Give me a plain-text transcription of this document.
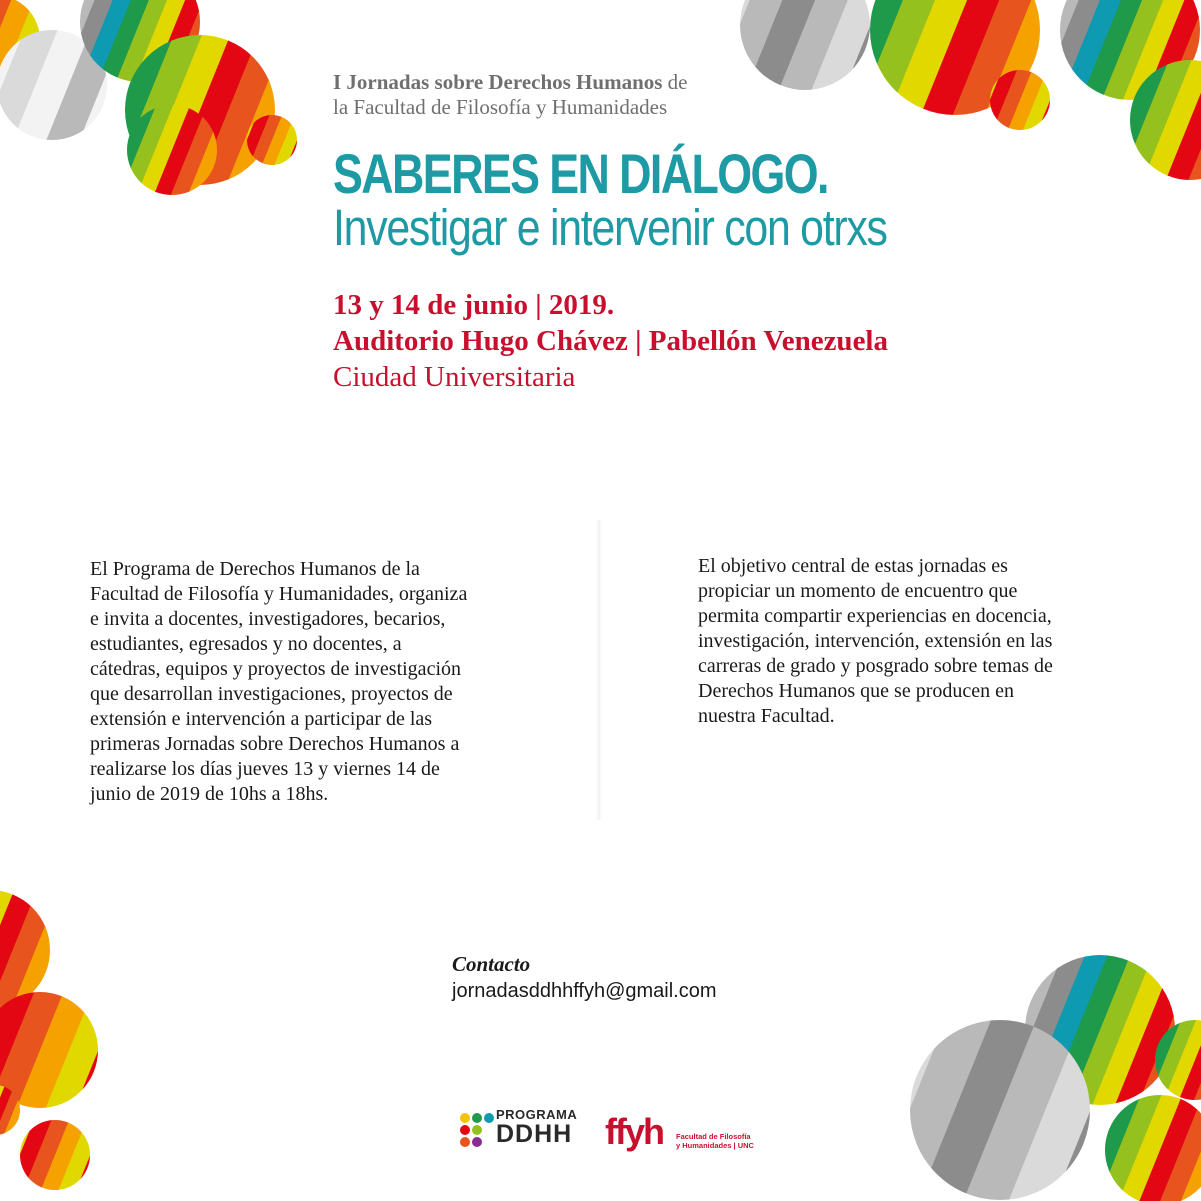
I Jornadas sobre Derechos Humanos de
la Facultad de Filosofía y Humanidades
SABERES EN DIÁLOGO.
Investigar e intervenir con otrxs
13 y 14 de junio | 2019.
Auditorio Hugo Chávez | Pabellón Venezuela
Ciudad Universitaria
El Programa de Derechos Humanos de la
Facultad de Filosofía y Humanidades, organiza
e invita a docentes, investigadores, becarios,
estudiantes, egresados y no docentes, a
cátedras, equipos y proyectos de investigación
que desarrollan investigaciones, proyectos de
extensión e intervención a participar de las
primeras Jornadas sobre Derechos Humanos a
realizarse los días jueves 13 y viernes 14 de
junio de 2019 de 10hs a 18hs.
El objetivo central de estas jornadas es
propiciar un momento de encuentro que
permita compartir experiencias en docencia,
investigación, intervención, extensión en las
carreras de grado y posgrado sobre temas de
Derechos Humanos que se producen en
nuestra Facultad.
Contacto
jornadasddhhffyh@gmail.com
PROGRAMA
DDHH ffyh Facultad de Filosofía
y Humanidades | UNC
